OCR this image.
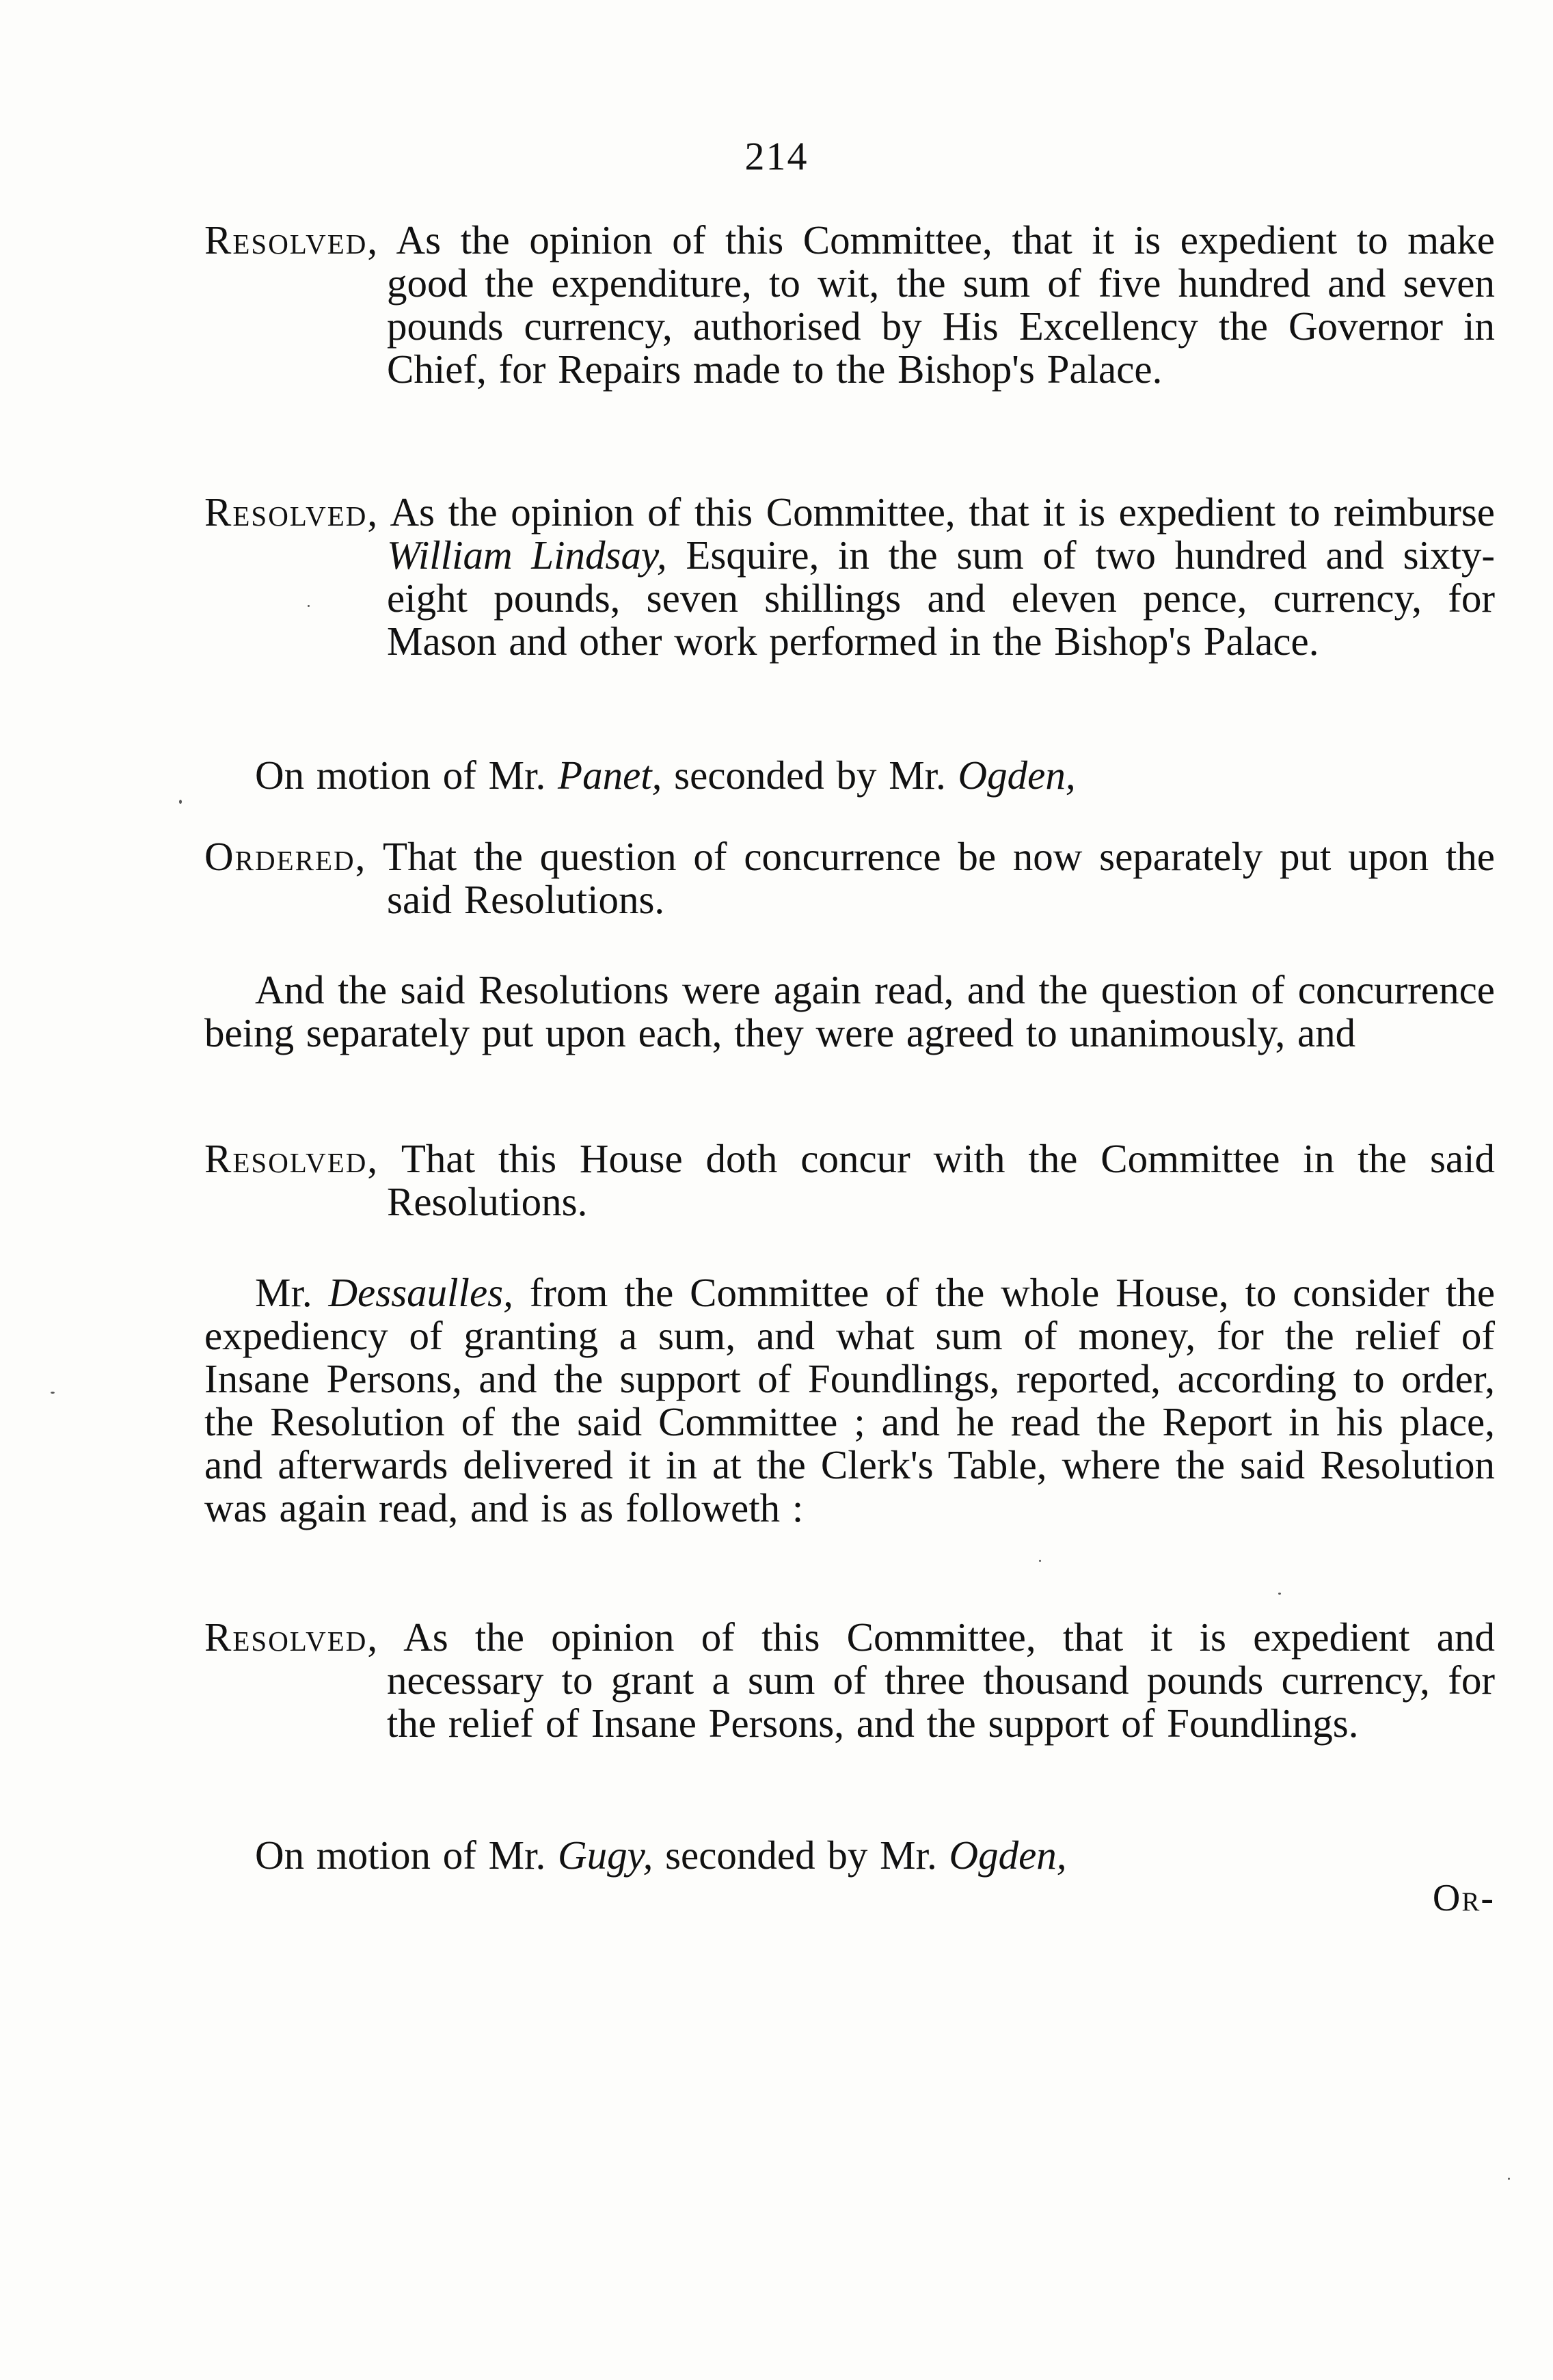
214

Resolved, As the opinion of this Committee, that it is expedient to make good the expenditure, to wit, the sum of five hundred and seven pounds currency, authorised by His Excellency the Governor in Chief, for Repairs made to the Bishop's Palace.

Resolved, As the opinion of this Committee, that it is expedient to reimburse William Lindsay, Esquire, in the sum of two hundred and sixty-eight pounds, seven shillings and eleven pence, currency, for Mason and other work performed in the Bishop's Palace.

On motion of Mr. Panet, seconded by Mr. Ogden,

Ordered, That the question of concurrence be now separately put upon the said Resolutions.

And the said Resolutions were again read, and the question of concurrence being separately put upon each, they were agreed to unanimously, and

Resolved, That this House doth concur with the Committee in the said Resolutions.

Mr. Dessaulles, from the Committee of the whole House, to consider the expediency of granting a sum, and what sum of money, for the relief of Insane Persons, and the support of Foundlings, reported, according to order, the Resolution of the said Committee ; and he read the Report in his place, and afterwards delivered it in at the Clerk's Table, where the said Resolution was again read, and is as followeth :

Resolved, As the opinion of this Committee, that it is expedient and necessary to grant a sum of three thousand pounds currency, for the relief of Insane Persons, and the support of Foundlings.

On motion of Mr. Gugy, seconded by Mr. Ogden,

Or-
